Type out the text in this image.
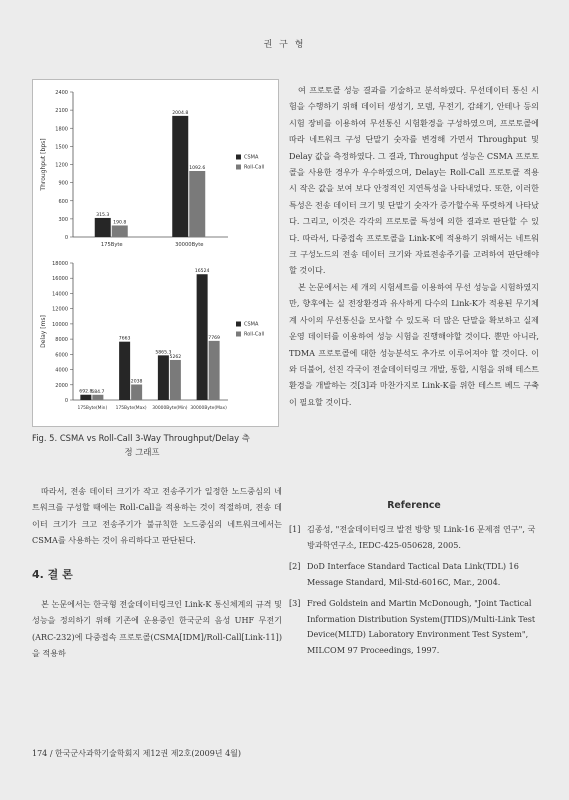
권 구 형
0
300
600
900
1200
1500
1800
2100
2400
Throughput [bps]
175Byte
315.3
190.8
30000Byte
2004.8
1092.6
CSMA
Roll-Call
0
2000
4000
6000
8000
10000
12000
14000
16000
18000
Delay [ms]
175Byte(Min)
692.8
684.7
175Byte(Max)
7663
2038
30000Byte(Min)
5865.3
5262
30000Byte(Max)
16524
7769
CSMA
Roll-Call
Fig. 5. CSMA vs Roll-Call 3-Way Throughput/Delay 측
정 그래프

따라서, 전송 데이터 크기가 작고 전송주기가 일정한 노드중심의 네트워크를 구성할 때에는 Roll-Call을 적용하는 것이 적절하며, 전송 데이터 크기가 크고 전송주기가 불규칙한 노드중심의 네트워크에서는 CSMA를 사용하는 것이 유리하다고 판단된다.

4. 결 론

본 논문에서는 한국형 전술데이터링크인 Link-K 통신체계의 규격 및 성능을 정의하기 위해 기존에 운용중인 한국군의 음성 UHF 무전기(ARC-232)에 다중접속 프로토콜(CSMA[IDM]/Roll-Call[Link-11])을 적용하

여 프로토콜 성능 결과를 기술하고 분석하였다. 무선데이터 통신 시험을 수행하기 위해 데이터 생성기, 모뎀, 무전기, 감쇄기, 안테나 등의 시험 장비를 이용하여 무선통신 시험환경을 구성하였으며, 프로토콜에 따라 네트워크 구성 단말기 숫자를 변경해 가면서 Throughput 및 Delay 값을 측정하였다. 그 결과, Throughput 성능은 CSMA 프로토콜을 사용한 경우가 우수하였으며, Delay는 Roll-Call 프로토콜 적용시 작은 값을 보여 보다 안정적인 지연특성을 나타내었다. 또한, 이러한 특성은 전송 데이터 크기 및 단말기 숫자가 증가할수록 뚜렷하게 나타났다. 그리고, 이것은 각각의 프로토콜 특성에 의한 결과로 판단할 수 있다. 따라서, 다중접속 프로토콜을 Link-K에 적용하기 위해서는 네트워크 구성노드의 전송 데이터 크기와 자료전송주기를 고려하여 판단해야할 것이다.

본 논문에서는 세 개의 시험세트를 이용하여 무선 성능을 시험하였지만, 향후에는 실 전장환경과 유사하게 다수의 Link-K가 적용된 무기체계 사이의 무선통신을 모사할 수 있도록 더 많은 단말을 확보하고 실제 운영 데이터를 이용하여 성능 시험을 진행해야할 것이다. 뿐만 아니라, TDMA 프로토콜에 대한 성능분석도 추가로 이루어져야 할 것이다. 이와 더불어, 선진 각국이 전술데이터링크 개발, 통합, 시험을 위해 테스트환경을 개발하는 것[3]과 마찬가지로 Link-K를 위한 테스트 베드 구축이 필요할 것이다.

Reference
[1] 김종성, "전술데이터링크 발전 방향 및 Link-16 문제점 연구", 국방과학연구소, IEDC-425-050628, 2005.
[2] DoD Interface Standard Tactical Data Link(TDL) 16 Message Standard, Mil-Std-6016C, Mar., 2004.
[3] Fred Goldstein and Martin McDonough, "Joint Tactical Information Distribution System(JTIDS)/Multi-Link Test Device(MLTD) Laboratory Environment Test System", MILCOM 97 Proceedings, 1997.
174 / 한국군사과학기술학회지 제12권 제2호(2009년 4월)
